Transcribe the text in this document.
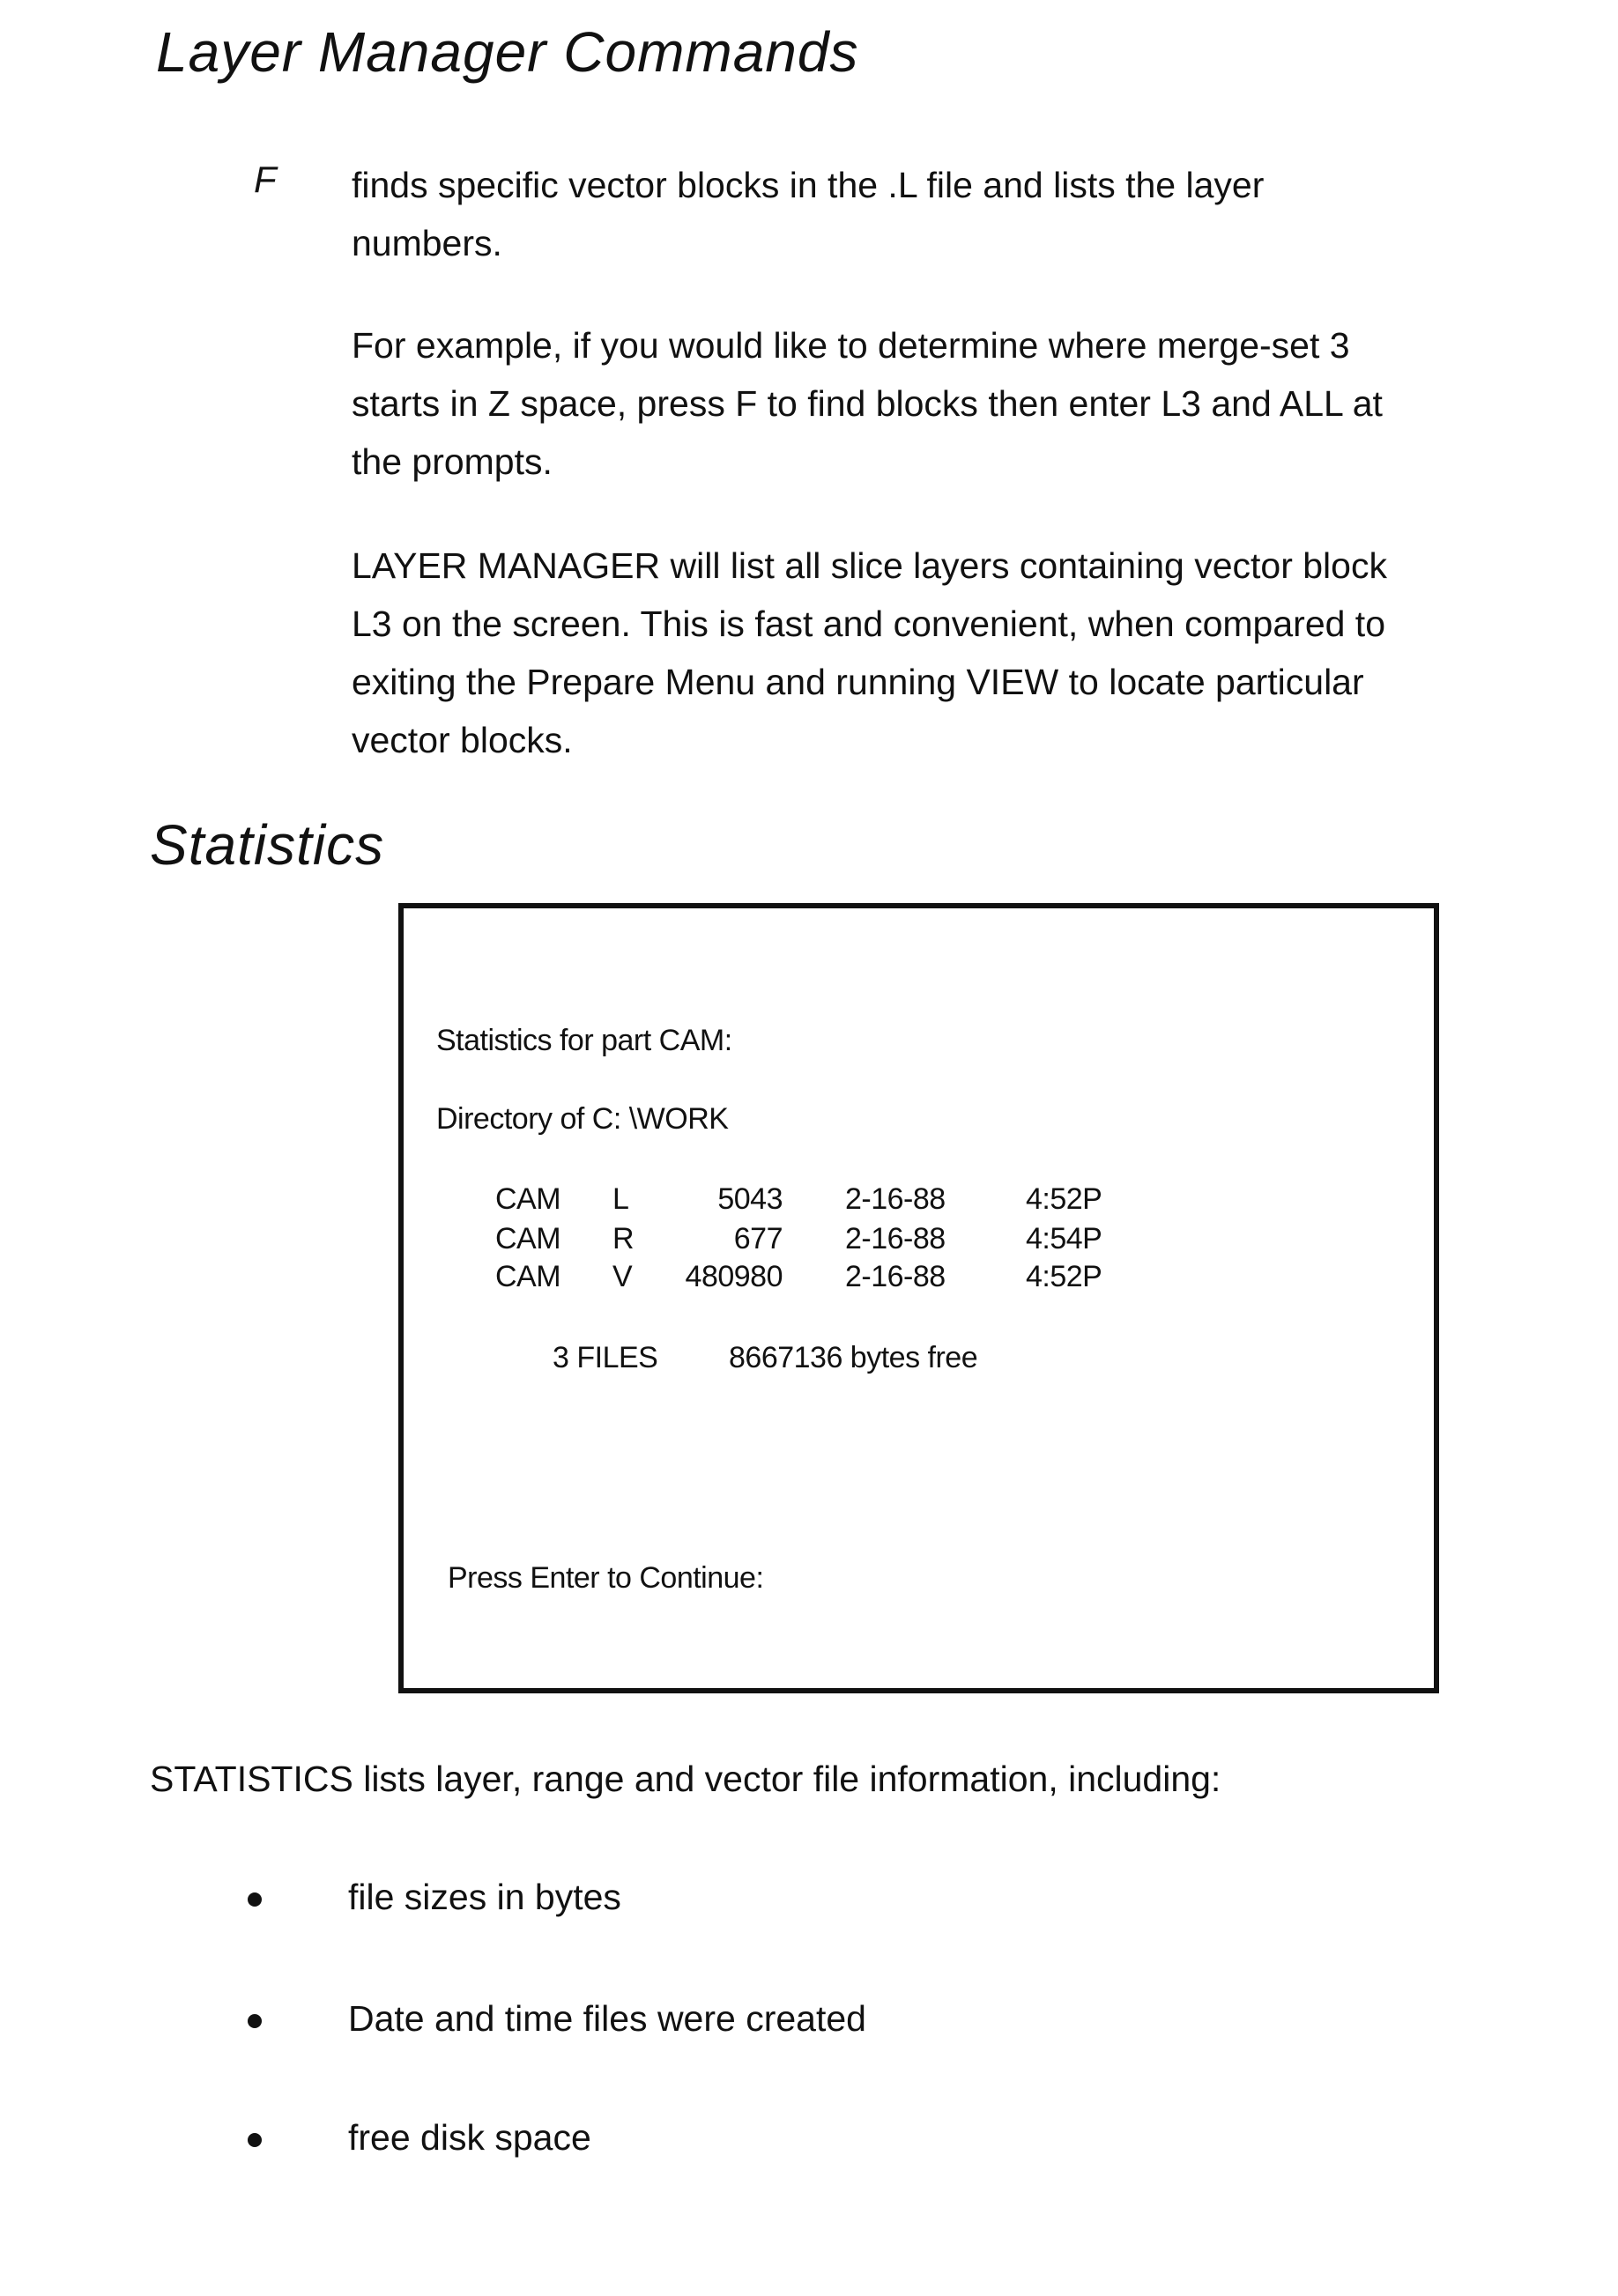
Layer Manager Commands
F finds specific vector blocks in the .L file and lists the layer
numbers.
For example, if you would like to determine where merge-set 3
starts in Z space, press F to find blocks then enter L3 and ALL at
the prompts.
LAYER MANAGER will list all slice layers containing vector block
L3 on the screen. This is fast and convenient, when compared to
exiting the Prepare Menu and running VIEW to locate particular
vector blocks.
Statistics
Statistics for part CAM:
Directory of C: \WORK
CAM L	5043 2-16-88	4:52P
CAM R	677 2-16-88	4:54P
CAM V	480980 2-16-88	4:52P
3 FILES 8667136 bytes free
Press Enter to Continue:
STATISTICS lists layer, range and vector file information, including:
file sizes in bytes
Date and time files were created
free disk space
